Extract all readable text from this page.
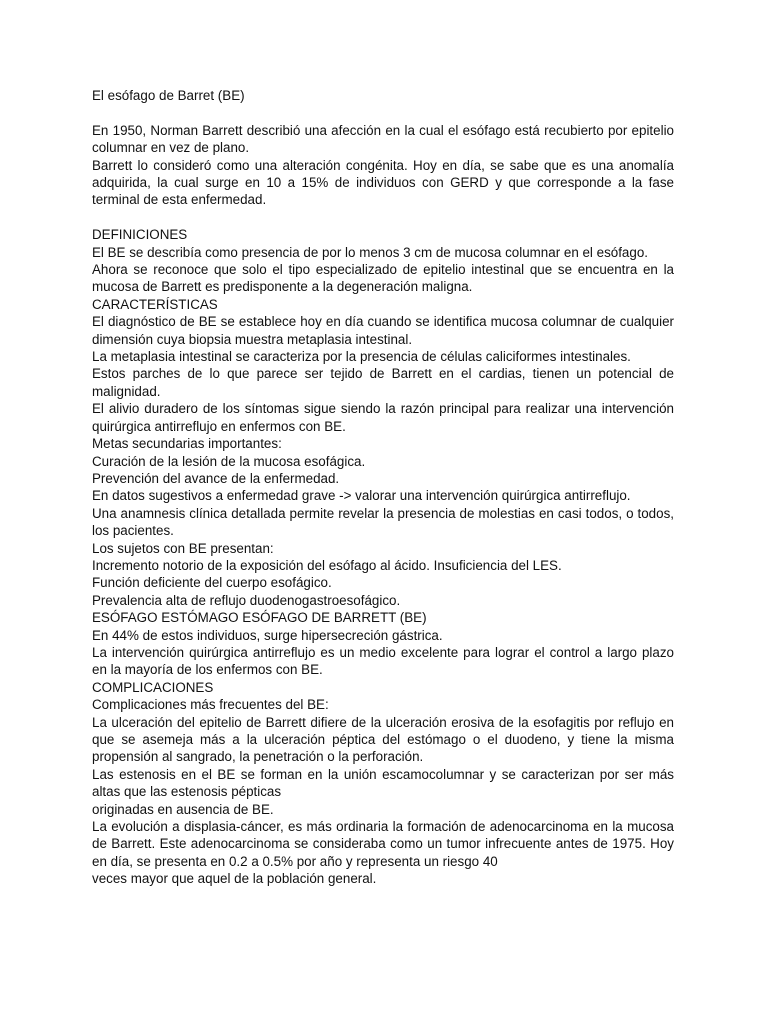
El esófago de Barret (BE)

En 1950, Norman Barrett describió una afección en la cual el esófago está recubierto por epitelio columnar en vez de plano.

Barrett lo consideró como una alteración congénita. Hoy en día, se sabe que es una anomalía adquirida, la cual surge en 10 a 15% de individuos con GERD y que corresponde a la fase terminal de esta enfermedad.

DEFINICIONES

El BE se describía como presencia de por lo menos 3 cm de mucosa columnar en el esófago.

Ahora se reconoce que solo el tipo especializado de epitelio intestinal que se encuentra en la mucosa de Barrett es predisponente a la degeneración maligna.

CARACTERÍSTICAS

El diagnóstico de BE se establece hoy en día cuando se identifica mucosa columnar de cualquier dimensión cuya biopsia muestra metaplasia intestinal.

La metaplasia intestinal se caracteriza por la presencia de células caliciformes intestinales.

Estos parches de lo que parece ser tejido de Barrett en el cardias, tienen un potencial de malignidad.

El alivio duradero de los síntomas sigue siendo la razón principal para realizar una intervención quirúrgica antirreflujo en enfermos con BE.

Metas secundarias importantes:

Curación de la lesión de la mucosa esofágica.

Prevención del avance de la enfermedad.

En datos sugestivos a enfermedad grave -> valorar una intervención quirúrgica antirreflujo.

Una anamnesis clínica detallada permite revelar la presencia de molestias en casi todos, o todos, los pacientes.

Los sujetos con BE presentan:

Incremento notorio de la exposición del esófago al ácido. Insuficiencia del LES.

Función deficiente del cuerpo esofágico.

Prevalencia alta de reflujo duodenogastroesofágico.

ESÓFAGO ESTÓMAGO ESÓFAGO DE BARRETT (BE)

En 44% de estos individuos, surge hipersecreción gástrica.

La intervención quirúrgica antirreflujo es un medio excelente para lograr el control a largo plazo en la mayoría de los enfermos con BE.

COMPLICACIONES

Complicaciones más frecuentes del BE:

La ulceración del epitelio de Barrett difiere de la ulceración erosiva de la esofagitis por reflujo en que se asemeja más a la ulceración péptica del estómago o el duodeno, y tiene la misma propensión al sangrado, la penetración o la perforación.

Las estenosis en el BE se forman en la unión escamocolumnar y se caracterizan por ser más altas que las estenosis pépticas

originadas en ausencia de BE.

La evolución a displasia-cáncer, es más ordinaria la formación de adenocarcinoma en la mucosa de Barrett. Este adenocarcinoma se consideraba como un tumor infrecuente antes de 1975. Hoy en día, se presenta en 0.2 a 0.5% por año y representa un riesgo 40

veces mayor que aquel de la población general.
